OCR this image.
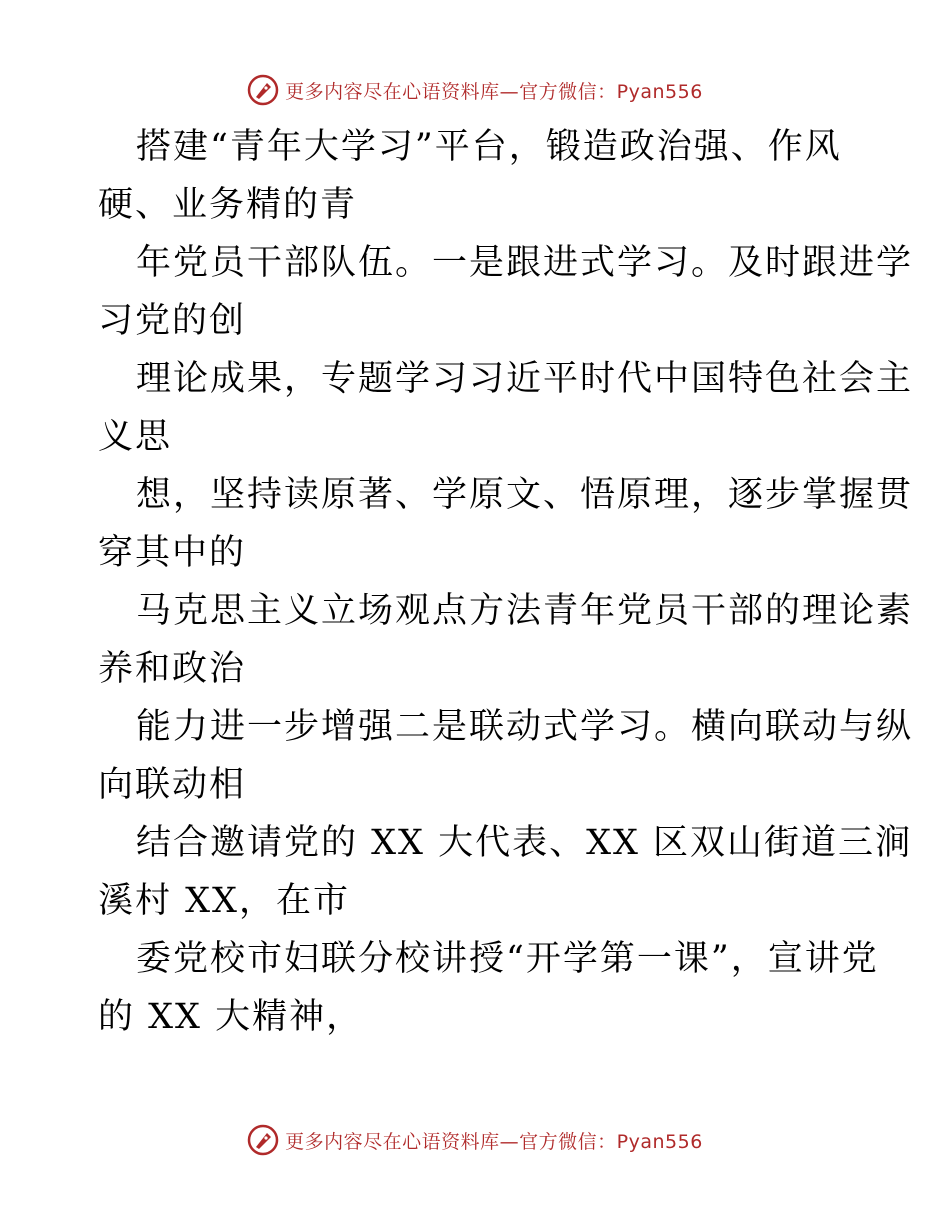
更多内容尽在心语资料库—官方微信：Pyan556
搭建“青年大学习”平台，锻造政治强、作风
硬、业务精的青
年党员干部队伍。一是跟进式学习。及时跟进学
习党的创
理论成果，专题学习习近平时代中国特色社会主
义思
想，坚持读原著、学原文、悟原理，逐步掌握贯
穿其中的
马克思主义立场观点方法青年党员干部的理论素
养和政治
能力进一步增强二是联动式学习。横向联动与纵
向联动相
结合邀请党的 XX 大代表、XX 区双山街道三涧
溪村 XX，在市
委党校市妇联分校讲授“开学第一课”，宣讲党
的 XX 大精神，
更多内容尽在心语资料库—官方微信：Pyan556
